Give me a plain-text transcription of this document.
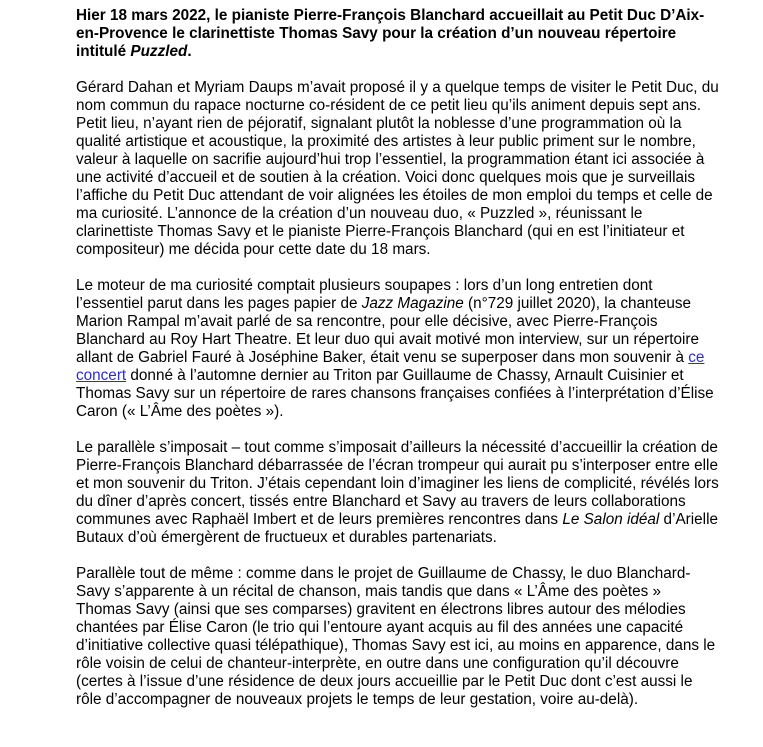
Hier 18 mars 2022, le pianiste Pierre-François Blanchard accueillait au Petit Duc D’Aix-en-Provence le clarinettiste Thomas Savy pour la création d’un nouveau répertoire intitulé Puzzled.

Gérard Dahan et Myriam Daups m’avait proposé il y a quelque temps de visiter le Petit Duc, du nom commun du rapace nocturne co-résident de ce petit lieu qu’ils animent depuis sept ans. Petit lieu, n’ayant rien de péjoratif, signalant plutôt la noblesse d’une programmation où la qualité artistique et acoustique, la proximité des artistes à leur public priment sur le nombre, valeur à laquelle on sacrifie aujourd’hui trop l’essentiel, la programmation étant ici associée à une activité d’accueil et de soutien à la création. Voici donc quelques mois que je surveillais l’affiche du Petit Duc attendant de voir alignées les étoiles de mon emploi du temps et celle de ma curiosité. L’annonce de la création d’un nouveau duo, « Puzzled », réunissant le clarinettiste Thomas Savy et le pianiste Pierre-François Blanchard (qui en est l’initiateur et compositeur) me décida pour cette date du 18 mars.

Le moteur de ma curiosité comptait plusieurs soupapes : lors d’un long entretien dont l’essentiel parut dans les pages papier de Jazz Magazine (n°729 juillet 2020), la chanteuse Marion Rampal m’avait parlé de sa rencontre, pour elle décisive, avec Pierre-François Blanchard au Roy Hart Theatre. Et leur duo qui avait motivé mon interview, sur un répertoire allant de Gabriel Fauré à Joséphine Baker, était venu se superposer dans mon souvenir à ce concert donné à l’automne dernier au Triton par Guillaume de Chassy, Arnault Cuisinier et Thomas Savy sur un répertoire de rares chansons françaises confiées à l’interprétation d’Élise Caron (« L’Âme des poètes »).

Le parallèle s’imposait – tout comme s’imposait d’ailleurs la nécessité d’accueillir la création de Pierre-François Blanchard débarrassée de l’écran trompeur qui aurait pu s’interposer entre elle et mon souvenir du Triton. J’étais cependant loin d’imaginer les liens de complicité, révélés lors du dîner d’après concert, tissés entre Blanchard et Savy au travers de leurs collaborations communes avec Raphaël Imbert et de leurs premières rencontres dans Le Salon idéal d’Arielle Butaux d’où émergèrent de fructueux et durables partenariats.

Parallèle tout de même : comme dans le projet de Guillaume de Chassy, le duo Blanchard-Savy s’apparente à un récital de chanson, mais tandis que dans « L’Âme des poètes » Thomas Savy (ainsi que ses comparses) gravitent en électrons libres autour des mélodies chantées par Élise Caron (le trio qui l’entoure ayant acquis au fil des années une capacité d’initiative collective quasi télépathique), Thomas Savy est ici, au moins en apparence, dans le rôle voisin de celui de chanteur-interprète, en outre dans une configuration qu’il découvre (certes à l’issue d’une résidence de deux jours accueillie par le Petit Duc dont c’est aussi le rôle d’accompagner de nouveaux projets le temps de leur gestation, voire au-delà).
